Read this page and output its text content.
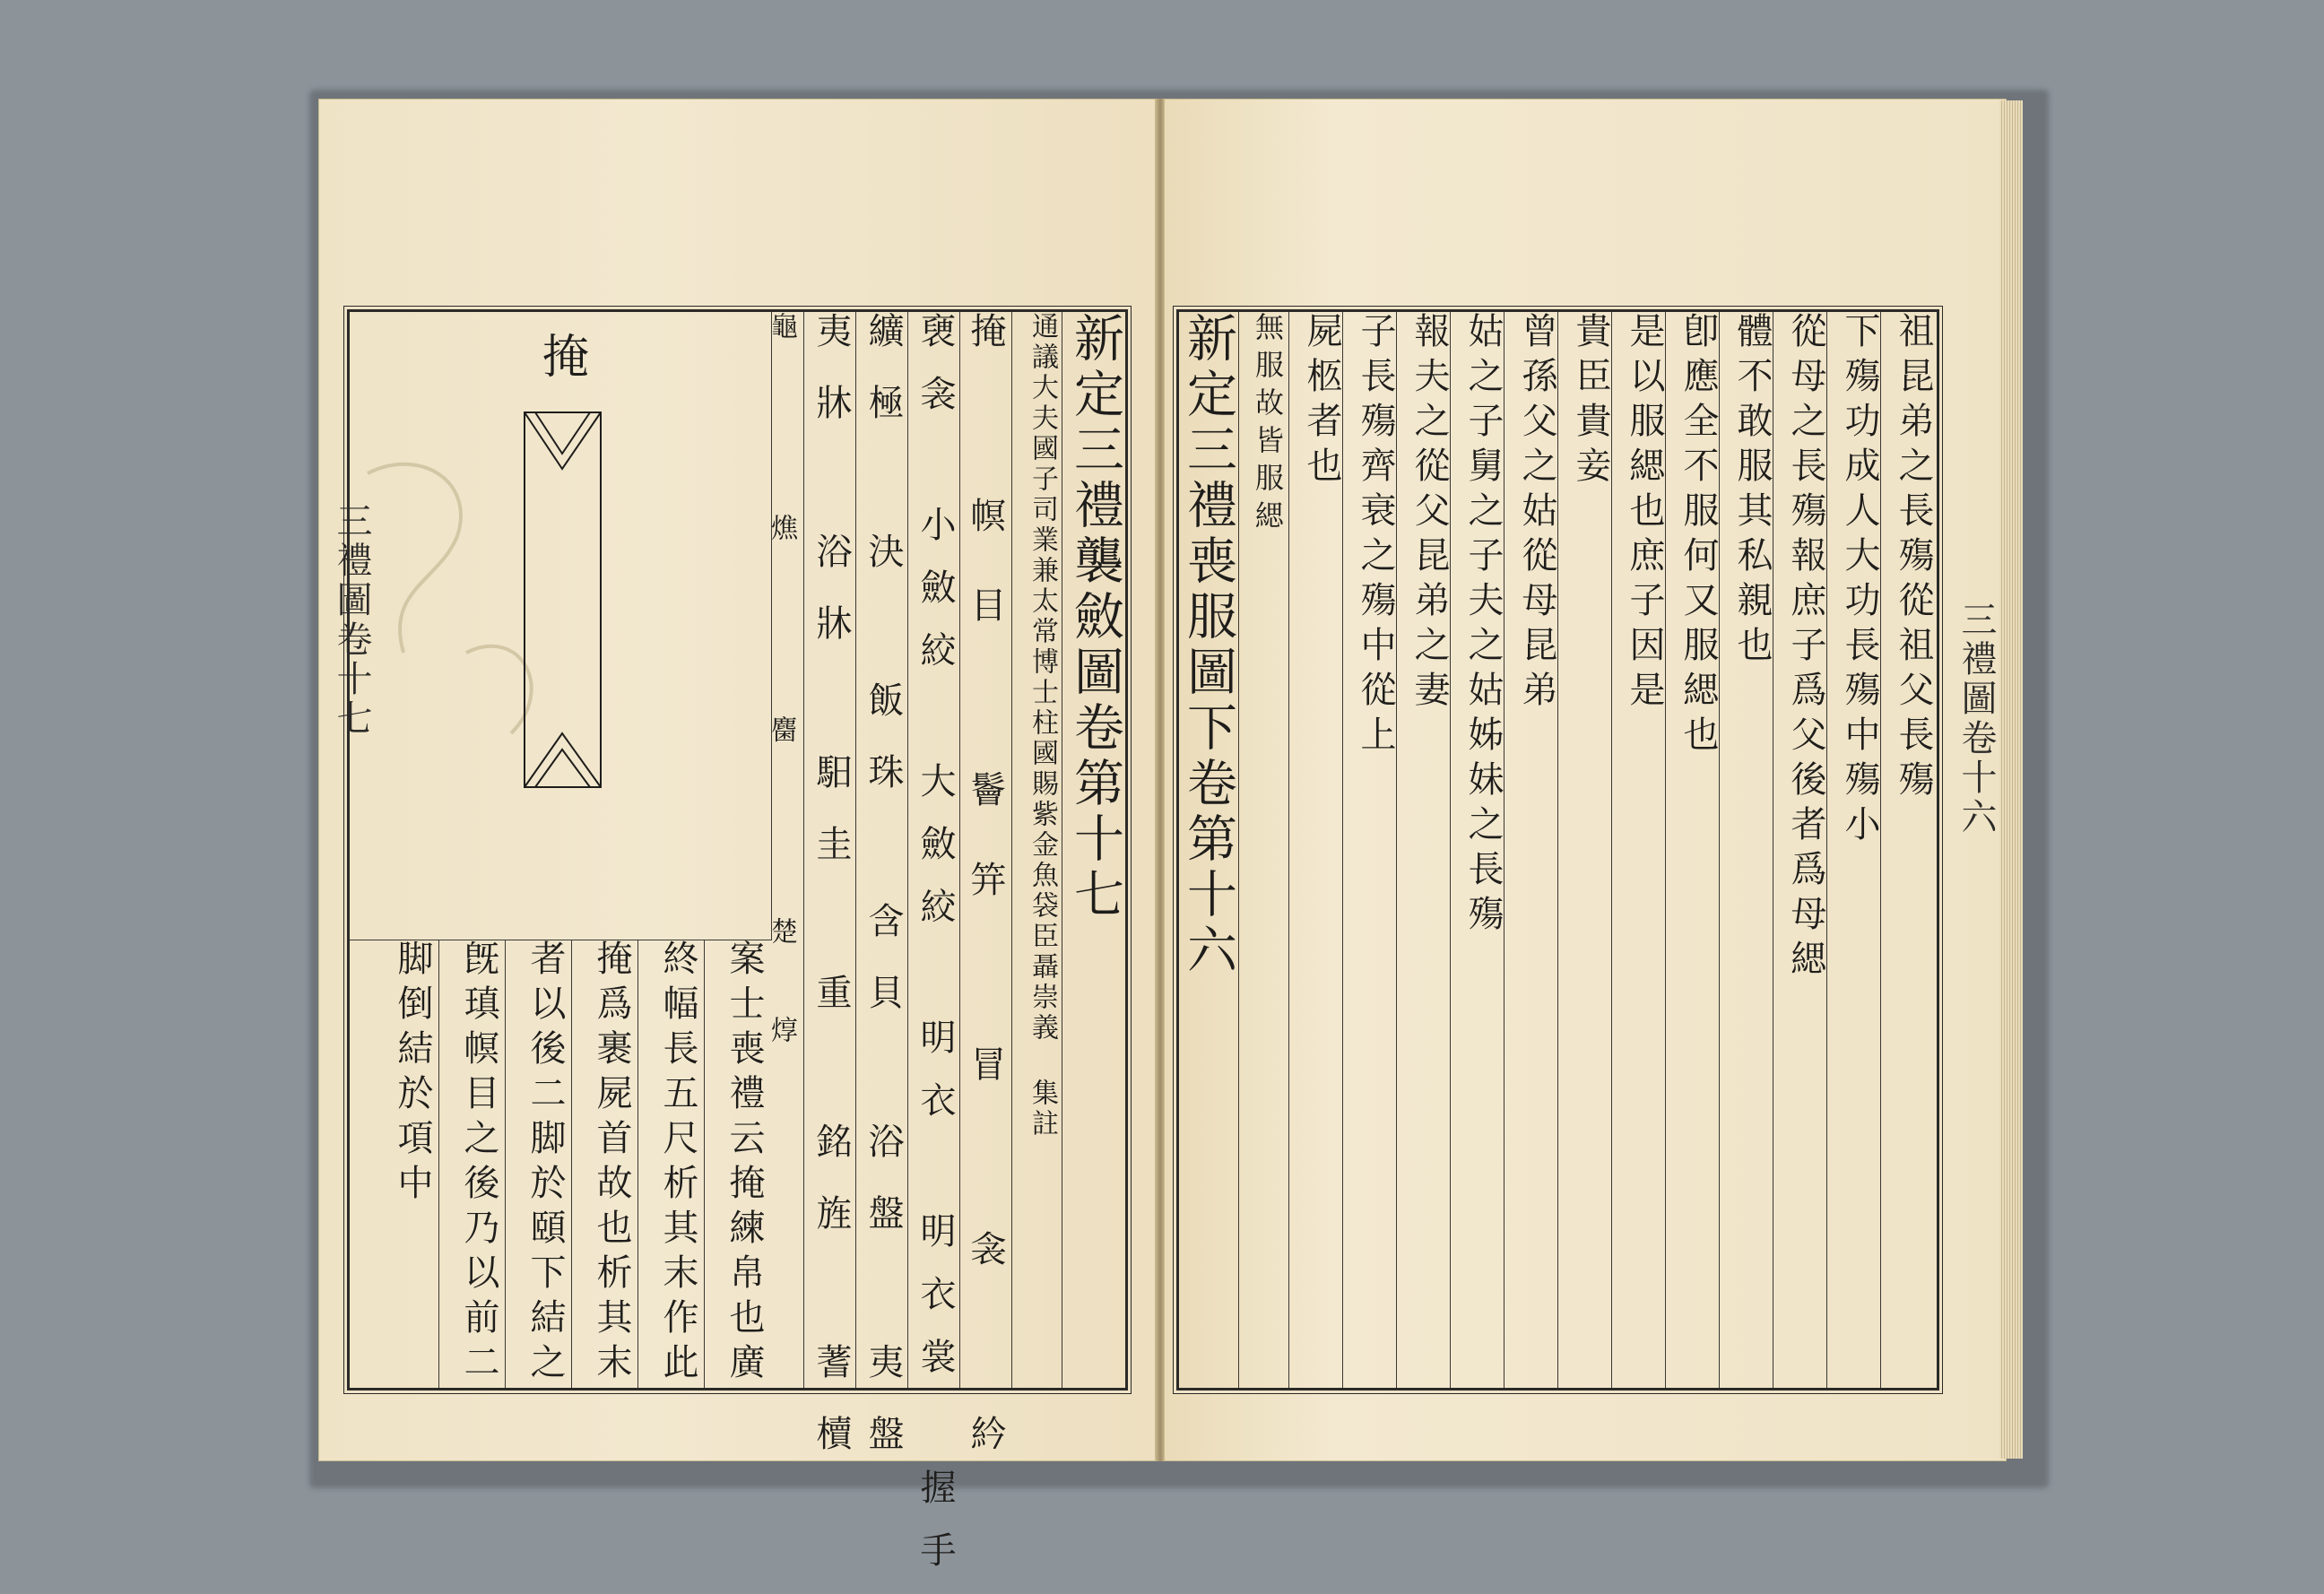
掩
案士喪禮云掩練帛也廣
終幅長五尺析其末作此
掩爲裹屍首故也析其末
者以後二脚於頤下結之
旣瑱幎目之後乃以前二
脚倒結於項中
新定三禮襲斂圖卷第十七
通議大夫國子司業兼太常博士柱國賜紫金魚袋臣聶崇義 集註
掩 幎目 鬠笄 冒 衾 紟
褏衾 小斂絞 大斂絞 明衣 明衣裳 握手
纊極 決 飯珠 含貝 浴盤 夷盤
夷牀 浴牀 馹圭 重 銘旌 蓍櫝
龜 燋 𪊽 楚焞	新定三禮喪服圖下卷第十六	祖昆弟之長殤從祖父長殤
下殤功成人大功長殤中殤小
從母之長殤報庶子爲父後者爲母緦
體不敢服其私親也
卽應全不服何又服緦也
是以服緦也庶子因是
貴臣貴妾
曾孫父之姑從母昆弟
姑之子舅之子夫之姑姊妹之長殤
報夫之從父昆弟之妻
子長殤齊衰之殤中從上
屍柩者也
無服故皆服緦
三禮圖卷十六
三禮圖卷十七
